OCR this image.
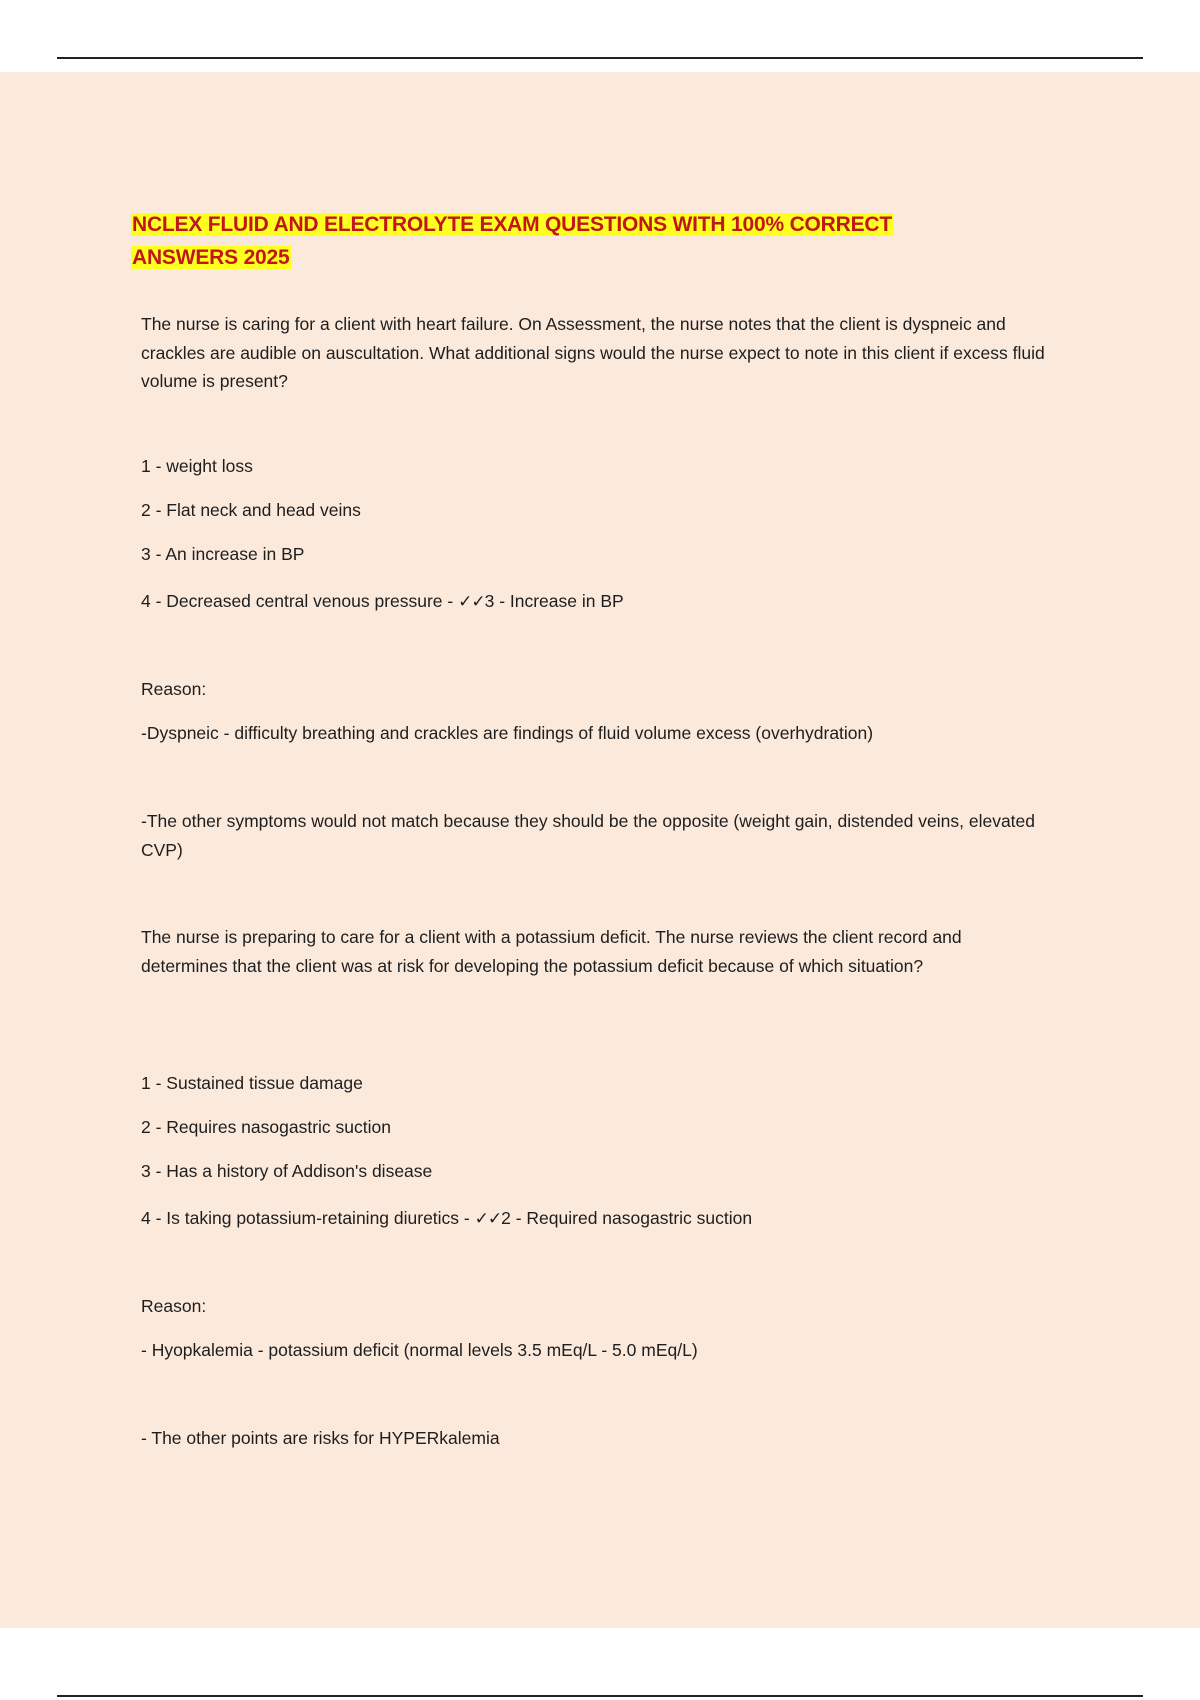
NCLEX FLUID AND ELECTROLYTE EXAM QUESTIONS WITH 100% CORRECT ANSWERS 2025

The nurse is caring for a client with heart failure. On Assessment, the nurse notes that the client is dyspneic and crackles are audible on auscultation. What additional signs would the nurse expect to note in this client if excess fluid volume is present?

1 - weight loss

2 - Flat neck and head veins

3 - An increase in BP

4 - Decreased central venous pressure - ✓✓3 - Increase in BP

Reason:

-Dyspneic - difficulty breathing and crackles are findings of fluid volume excess (overhydration)

-The other symptoms would not match because they should be the opposite (weight gain, distended veins, elevated CVP)

The nurse is preparing to care for a client with a potassium deficit. The nurse reviews the client record and determines that the client was at risk for developing the potassium deficit because of which situation?

1 - Sustained tissue damage

2 - Requires nasogastric suction

3 - Has a history of Addison's disease

4 - Is taking potassium-retaining diuretics - ✓✓2 - Required nasogastric suction

Reason:

- Hyopkalemia - potassium deficit (normal levels 3.5 mEq/L - 5.0 mEq/L)

- The other points are risks for HYPERkalemia
